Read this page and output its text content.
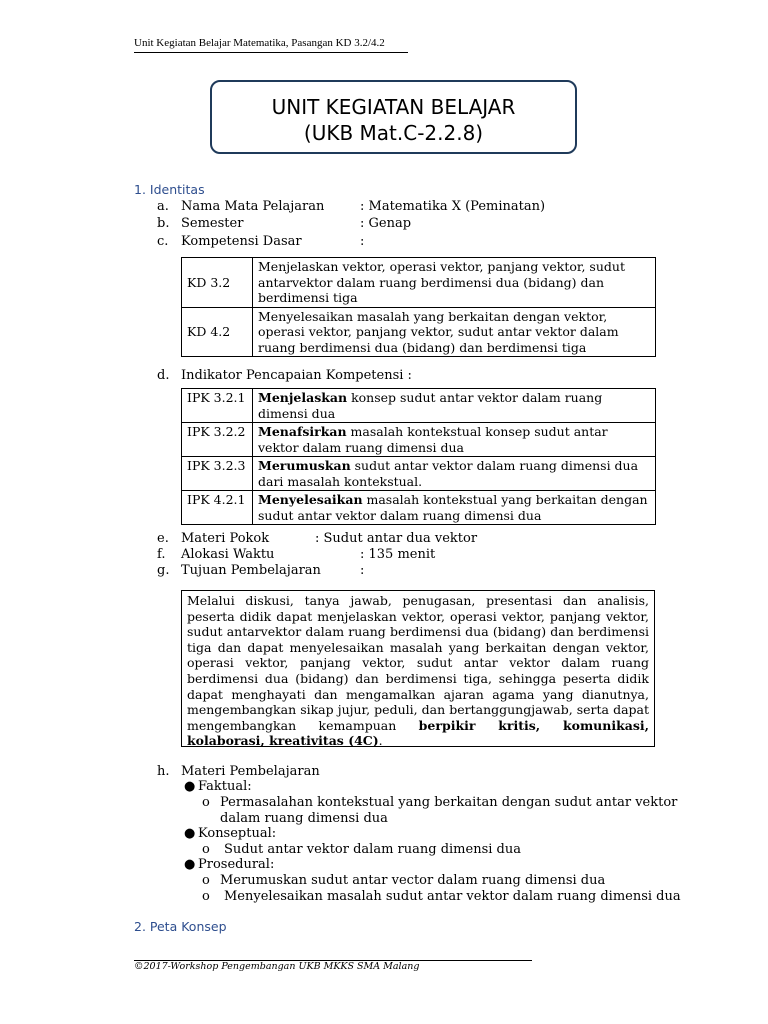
Unit Kegiatan Belajar Matematika, Pasangan KD 3.2/4.2
UNIT KEGIATAN BELAJAR
(UKB Mat.C-2.2.8)
1. Identitas
a. Nama Mata Pelajaran	: Matematika X (Peminatan)
b. Semester	: Genap
c. Kompetensi Dasar	:
KD 3.2	Menjelaskan vektor, operasi vektor, panjang vektor, sudut antarvektor dalam ruang berdimensi dua (bidang) dan berdimensi tiga
KD 4.2	Menyelesaikan masalah yang berkaitan dengan vektor, operasi vektor, panjang vektor, sudut antar vektor dalam ruang berdimensi dua (bidang) dan berdimensi tiga
d. Indikator Pencapaian Kompetensi :
IPK 3.2.1	Menjelaskan konsep sudut antar vektor dalam ruang dimensi dua
IPK 3.2.2	Menafsirkan masalah kontekstual konsep sudut antar vektor dalam ruang dimensi dua
IPK 3.2.3	Merumuskan sudut antar vektor dalam ruang dimensi dua dari masalah kontekstual.
IPK 4.2.1	Menyelesaikan masalah kontekstual yang berkaitan dengan sudut antar vektor dalam ruang dimensi dua
e. Materi Pokok	: Sudut antar dua vektor
f. Alokasi Waktu	: 135 menit
g. Tujuan Pembelajaran	:
Melalui diskusi, tanya jawab, penugasan, presentasi dan analisis, peserta didik dapat menjelaskan vektor, operasi vektor, panjang vektor, sudut antarvektor dalam ruang berdimensi dua (bidang) dan berdimensi tiga dan dapat menyelesaikan masalah yang berkaitan dengan vektor, operasi vektor, panjang vektor, sudut antar vektor dalam ruang berdimensi dua (bidang) dan berdimensi tiga, sehingga peserta didik dapat menghayati dan mengamalkan ajaran agama yang dianutnya, mengembangkan sikap jujur, peduli, dan bertanggungjawab, serta dapat mengembangkan kemampuan berpikir kritis, komunikasi, kolaborasi, kreativitas (4C).
h. Materi Pembelajaran
● Faktual:
o Permasalahan kontekstual yang berkaitan dengan sudut antar vektor dalam ruang dimensi dua
● Konseptual:
o Sudut antar vektor dalam ruang dimensi dua
● Prosedural:
o Merumuskan sudut antar vector dalam ruang dimensi dua
o Menyelesaikan masalah sudut antar vektor dalam ruang dimensi dua
2. Peta Konsep
©2017-Workshop Pengembangan UKB MKKS SMA Malang
